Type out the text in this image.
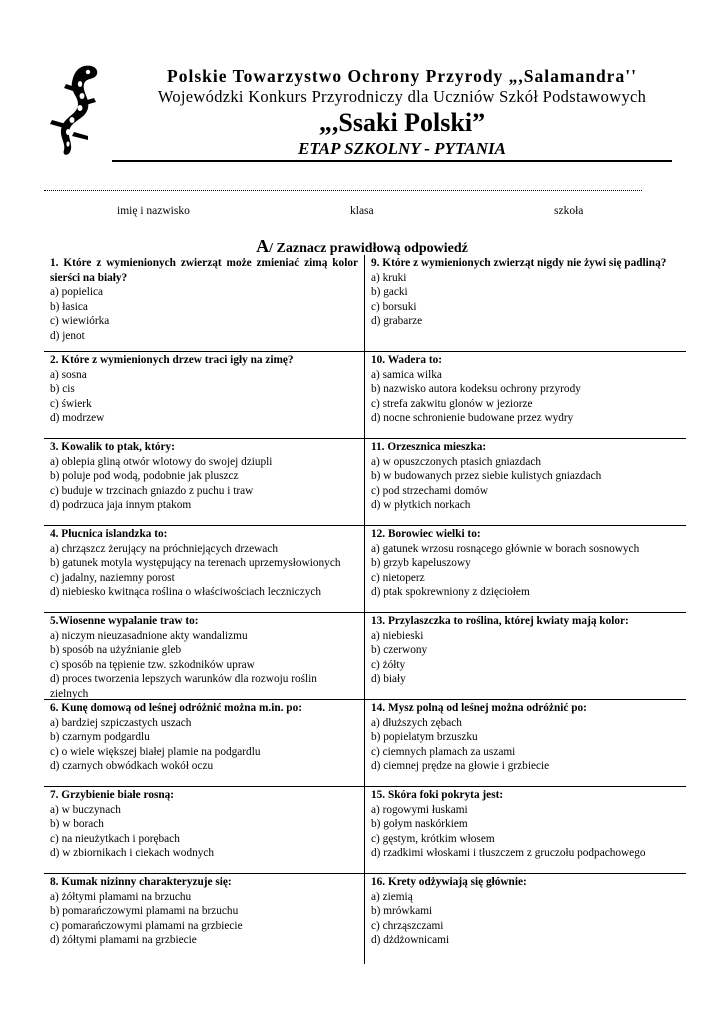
Polskie Towarzystwo Ochrony Przyrody „,Salamandra''
Wojewódzki Konkurs Przyrodniczy dla Uczniów Szkół Podstawowych
„,Ssaki Polski”
ETAP SZKOLNY - PYTANIA
imię i nazwisko	klasa	szkoła
A/ Zaznacz prawidłową odpowiedź
1. Które z wymienionych zwierząt może zmieniać zimą kolor sierści na biały?
a) popielica
b) łasica
c) wiewiórka
d) jenot
9. Które z wymienionych zwierząt nigdy nie żywi się padliną?
a) kruki
b) gacki
c) borsuki
d) grabarze
2. Które z wymienionych drzew traci igły na zimę?
a) sosna
b) cis
c) świerk
d) modrzew
10. Wadera to:
a) samica wilka
b) nazwisko autora kodeksu ochrony przyrody
c) strefa zakwitu glonów w jeziorze
d) nocne schronienie budowane przez wydry
3. Kowalik to ptak, który:
a) oblepia gliną otwór wlotowy do swojej dziupli
b) poluje pod wodą, podobnie jak pluszcz
c) buduje w trzcinach gniazdo z puchu i traw
d) podrzuca jaja innym ptakom
11. Orzesznica mieszka:
a) w opuszczonych ptasich gniazdach
b) w budowanych przez siebie kulistych gniazdach
c) pod strzechami domów
d) w płytkich norkach
4. Płucnica islandzka to:
a) chrząszcz żerujący na próchniejących drzewach
b) gatunek motyla występujący na terenach uprzemysłowionych
c) jadalny, naziemny porost
d) niebiesko kwitnąca roślina o właściwościach leczniczych
12. Borowiec wielki to:
a) gatunek wrzosu rosnącego głównie w borach sosnowych
b) grzyb kapeluszowy
c) nietoperz
d) ptak spokrewniony z dzięciołem
5.Wiosenne wypalanie traw to:
a) niczym nieuzasadnione akty wandalizmu
b) sposób na użyźnianie gleb
c) sposób na tępienie tzw. szkodników upraw
d) proces tworzenia lepszych warunków dla rozwoju roślin zielnych
13. Przylaszczka to roślina, której kwiaty mają kolor:
a) niebieski
b) czerwony
c) żółty
d) biały
6. Kunę domową od leśnej odróżnić można m.in. po:
a) bardziej szpiczastych uszach
b) czarnym podgardlu
c) o wiele większej białej plamie na podgardlu
d) czarnych obwódkach wokół oczu
14. Mysz polną od leśnej można odróżnić po:
a) dłuższych zębach
b) popielatym brzuszku
c) ciemnych plamach za uszami
d) ciemnej prędze na głowie i grzbiecie
7. Grzybienie białe rosną:
a) w buczynach
b) w borach
c) na nieużytkach i porębach
d) w zbiornikach i ciekach wodnych
15. Skóra foki pokryta jest:
a) rogowymi łuskami
b) gołym naskórkiem
c) gęstym, krótkim włosem
d) rzadkimi włoskami i tłuszczem z gruczołu podpachowego
8. Kumak nizinny charakteryzuje się:
a) żółtymi plamami na brzuchu
b) pomarańczowymi plamami na brzuchu
c) pomarańczowymi plamami na grzbiecie
d) żółtymi plamami na grzbiecie
16. Krety odżywiają się głównie:
a) ziemią
b) mrówkami
c) chrząszczami
d) dżdżownicami
